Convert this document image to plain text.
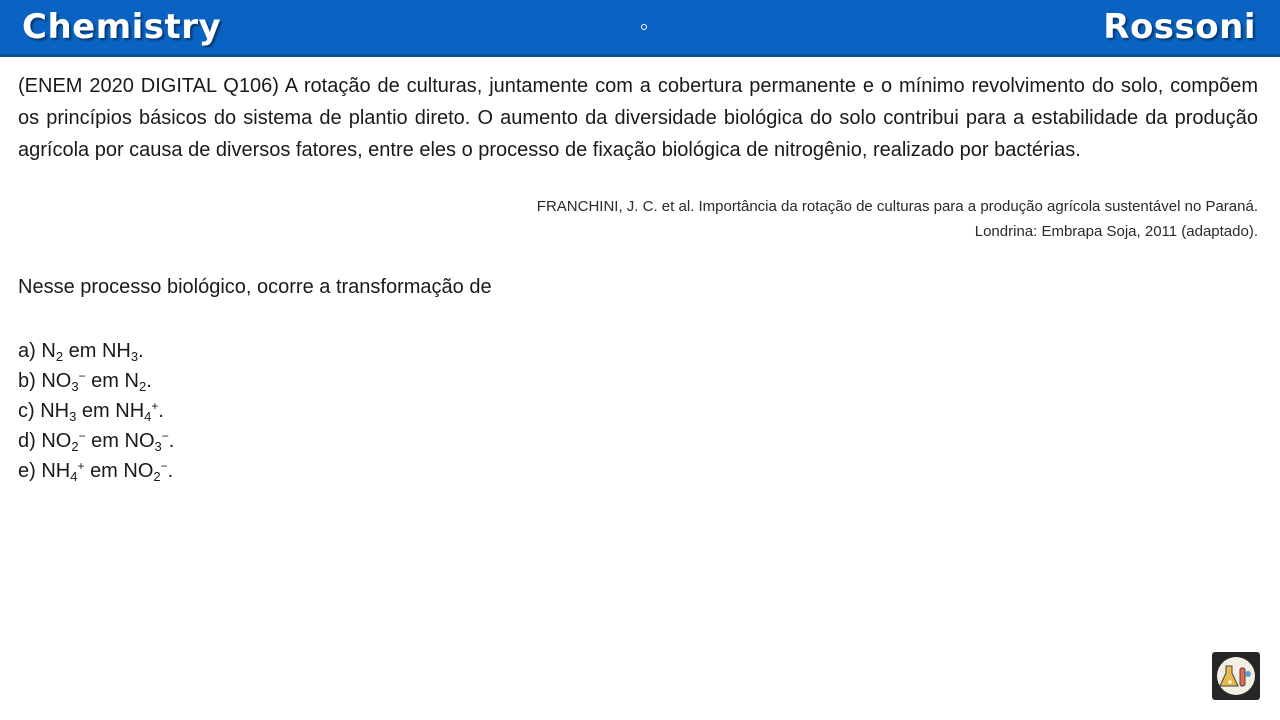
Chemistry	Rossoni
(ENEM 2020 DIGITAL Q106) A rotação de culturas, juntamente com a cobertura permanente e o mínimo revolvimento do solo, compõem os princípios básicos do sistema de plantio direto. O aumento da diversidade biológica do solo contribui para a estabilidade da produção agrícola por causa de diversos fatores, entre eles o processo de fixação biológica de nitrogênio, realizado por bactérias.
FRANCHINI, J. C. et al. Importância da rotação de culturas para a produção agrícola sustentável no Paraná.
Londrina: Embrapa Soja, 2011 (adaptado).
Nesse processo biológico, ocorre a transformação de
a) $N_2$ em $NH_3$.
b) $NO_3^-$ em $N_2$.
c) $NH_3$ em $NH_4^+$.
d) $NO_2^-$ em $NO_3^-$.
e) $NH_4^+$ em $NO_2^-$.
